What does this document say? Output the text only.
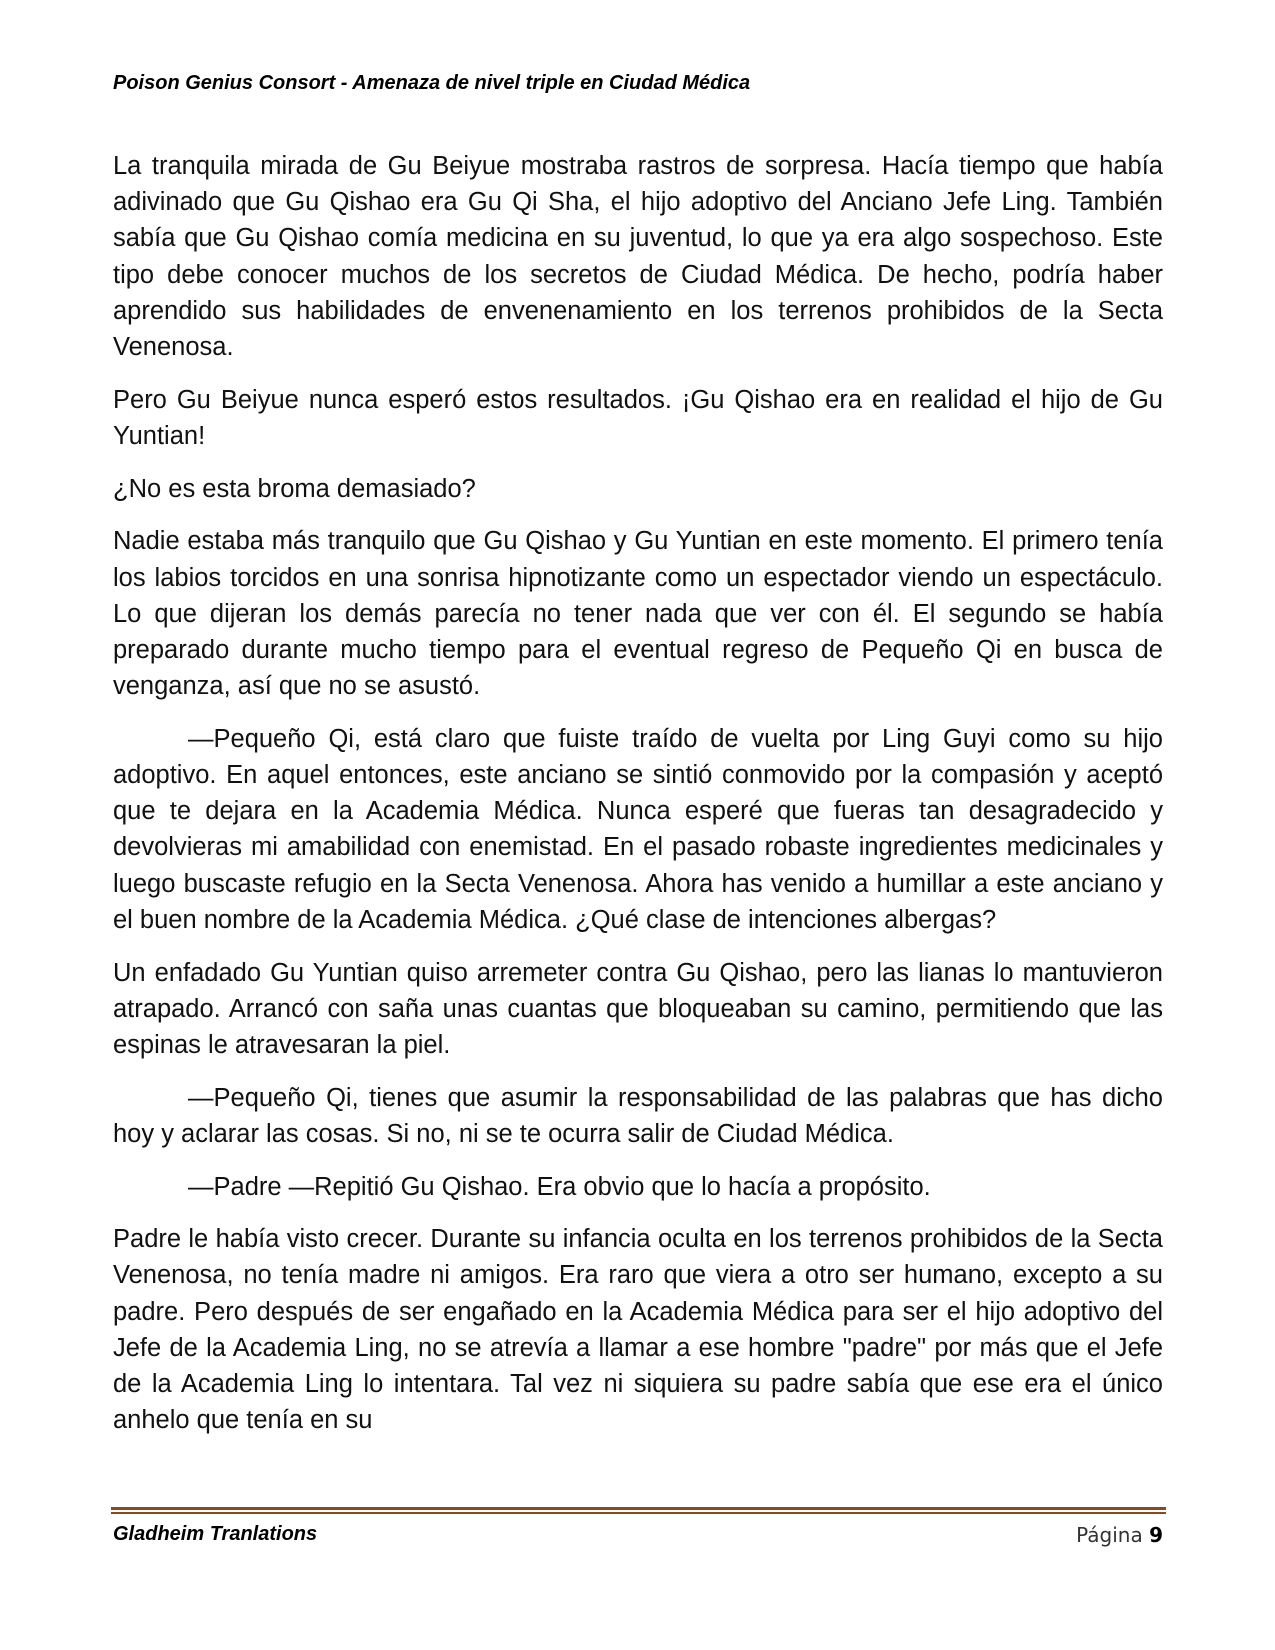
Poison Genius Consort - Amenaza de nivel triple en Ciudad Médica

La tranquila mirada de Gu Beiyue mostraba rastros de sorpresa. Hacía tiempo que había adivinado que Gu Qishao era Gu Qi Sha, el hijo adoptivo del Anciano Jefe Ling. También sabía que Gu Qishao comía medicina en su juventud, lo que ya era algo sospechoso. Este tipo debe conocer muchos de los secretos de Ciudad Médica. De hecho, podría haber aprendido sus habilidades de envenenamiento en los terrenos prohibidos de la Secta Venenosa.

Pero Gu Beiyue nunca esperó estos resultados. ¡Gu Qishao era en realidad el hijo de Gu Yuntian!

¿No es esta broma demasiado?

Nadie estaba más tranquilo que Gu Qishao y Gu Yuntian en este momento. El primero tenía los labios torcidos en una sonrisa hipnotizante como un espectador viendo un espectáculo. Lo que dijeran los demás parecía no tener nada que ver con él. El segundo se había preparado durante mucho tiempo para el eventual regreso de Pequeño Qi en busca de venganza, así que no se asustó.

—Pequeño Qi, está claro que fuiste traído de vuelta por Ling Guyi como su hijo adoptivo. En aquel entonces, este anciano se sintió conmovido por la compasión y aceptó que te dejara en la Academia Médica. Nunca esperé que fueras tan desagradecido y devolvieras mi amabilidad con enemistad. En el pasado robaste ingredientes medicinales y luego buscaste refugio en la Secta Venenosa. Ahora has venido a humillar a este anciano y el buen nombre de la Academia Médica. ¿Qué clase de intenciones albergas?

Un enfadado Gu Yuntian quiso arremeter contra Gu Qishao, pero las lianas lo mantuvieron atrapado. Arrancó con saña unas cuantas que bloqueaban su camino, permitiendo que las espinas le atravesaran la piel.

—Pequeño Qi, tienes que asumir la responsabilidad de las palabras que has dicho hoy y aclarar las cosas. Si no, ni se te ocurra salir de Ciudad Médica.

—Padre —Repitió Gu Qishao. Era obvio que lo hacía a propósito.

Padre le había visto crecer. Durante su infancia oculta en los terrenos prohibidos de la Secta Venenosa, no tenía madre ni amigos. Era raro que viera a otro ser humano, excepto a su padre. Pero después de ser engañado en la Academia Médica para ser el hijo adoptivo del Jefe de la Academia Ling, no se atrevía a llamar a ese hombre "padre" por más que el Jefe de la Academia Ling lo intentara. Tal vez ni siquiera su padre sabía que ese era el único anhelo que tenía en su

Gladheim Tranlations	Página 9
